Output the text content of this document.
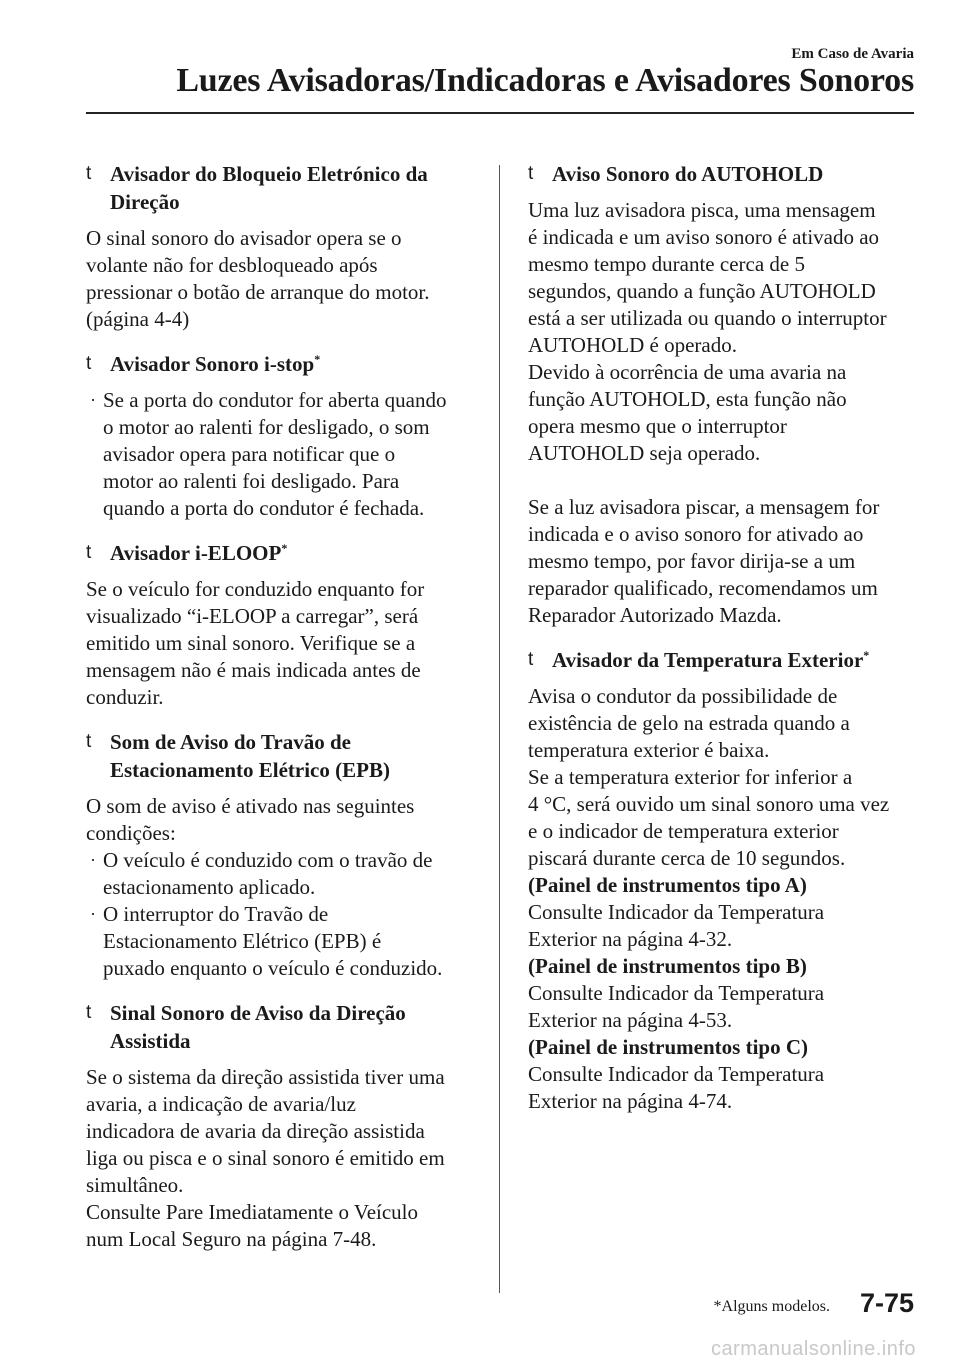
Em Caso de Avaria
Luzes Avisadoras/Indicadoras e Avisadores Sonoros
t Avisador do Bloqueio Eletrónico da
Direção

O sinal sonoro do avisador opera se o
volante não for desbloqueado após
pressionar o botão de arranque do motor.
(página 4-4)

t Avisador Sonoro i-stop*
· Se a porta do condutor for aberta quando
o motor ao ralenti for desligado, o som
avisador opera para notificar que o
motor ao ralenti foi desligado. Para
quando a porta do condutor é fechada.
t Avisador i-ELOOP*

Se o veículo for conduzido enquanto for
visualizado “i-ELOOP a carregar”, será
emitido um sinal sonoro. Verifique se a
mensagem não é mais indicada antes de
conduzir.

t Som de Aviso do Travão de
Estacionamento Elétrico (EPB)

O som de aviso é ativado nas seguintes
condições:

· O veículo é conduzido com o travão de
estacionamento aplicado.
· O interruptor do Travão de
Estacionamento Elétrico (EPB) é
puxado enquanto o veículo é conduzido.
t Sinal Sonoro de Aviso da Direção
Assistida

Se o sistema da direção assistida tiver uma
avaria, a indicação de avaria/luz
indicadora de avaria da direção assistida
liga ou pisca e o sinal sonoro é emitido em
simultâneo.
Consulte Pare Imediatamente o Veículo
num Local Seguro na página 7-48.

t Aviso Sonoro do AUTOHOLD

Uma luz avisadora pisca, uma mensagem
é indicada e um aviso sonoro é ativado ao
mesmo tempo durante cerca de 5
segundos, quando a função AUTOHOLD
está a ser utilizada ou quando o interruptor
AUTOHOLD é operado.
Devido à ocorrência de uma avaria na
função AUTOHOLD, esta função não
opera mesmo que o interruptor
AUTOHOLD seja operado.

Se a luz avisadora piscar, a mensagem for
indicada e o aviso sonoro for ativado ao
mesmo tempo, por favor dirija-se a um
reparador qualificado, recomendamos um
Reparador Autorizado Mazda.

t Avisador da Temperatura Exterior*

Avisa o condutor da possibilidade de
existência de gelo na estrada quando a
temperatura exterior é baixa.
Se a temperatura exterior for inferior a
4 °C, será ouvido um sinal sonoro uma vez
e o indicador de temperatura exterior
piscará durante cerca de 10 segundos.
(Painel de instrumentos tipo A)
Consulte Indicador da Temperatura
Exterior na página 4-32.
(Painel de instrumentos tipo B)
Consulte Indicador da Temperatura
Exterior na página 4-53.
(Painel de instrumentos tipo C)
Consulte Indicador da Temperatura
Exterior na página 4-74.

*Alguns modelos. 7-75
carmanualsonline.info
